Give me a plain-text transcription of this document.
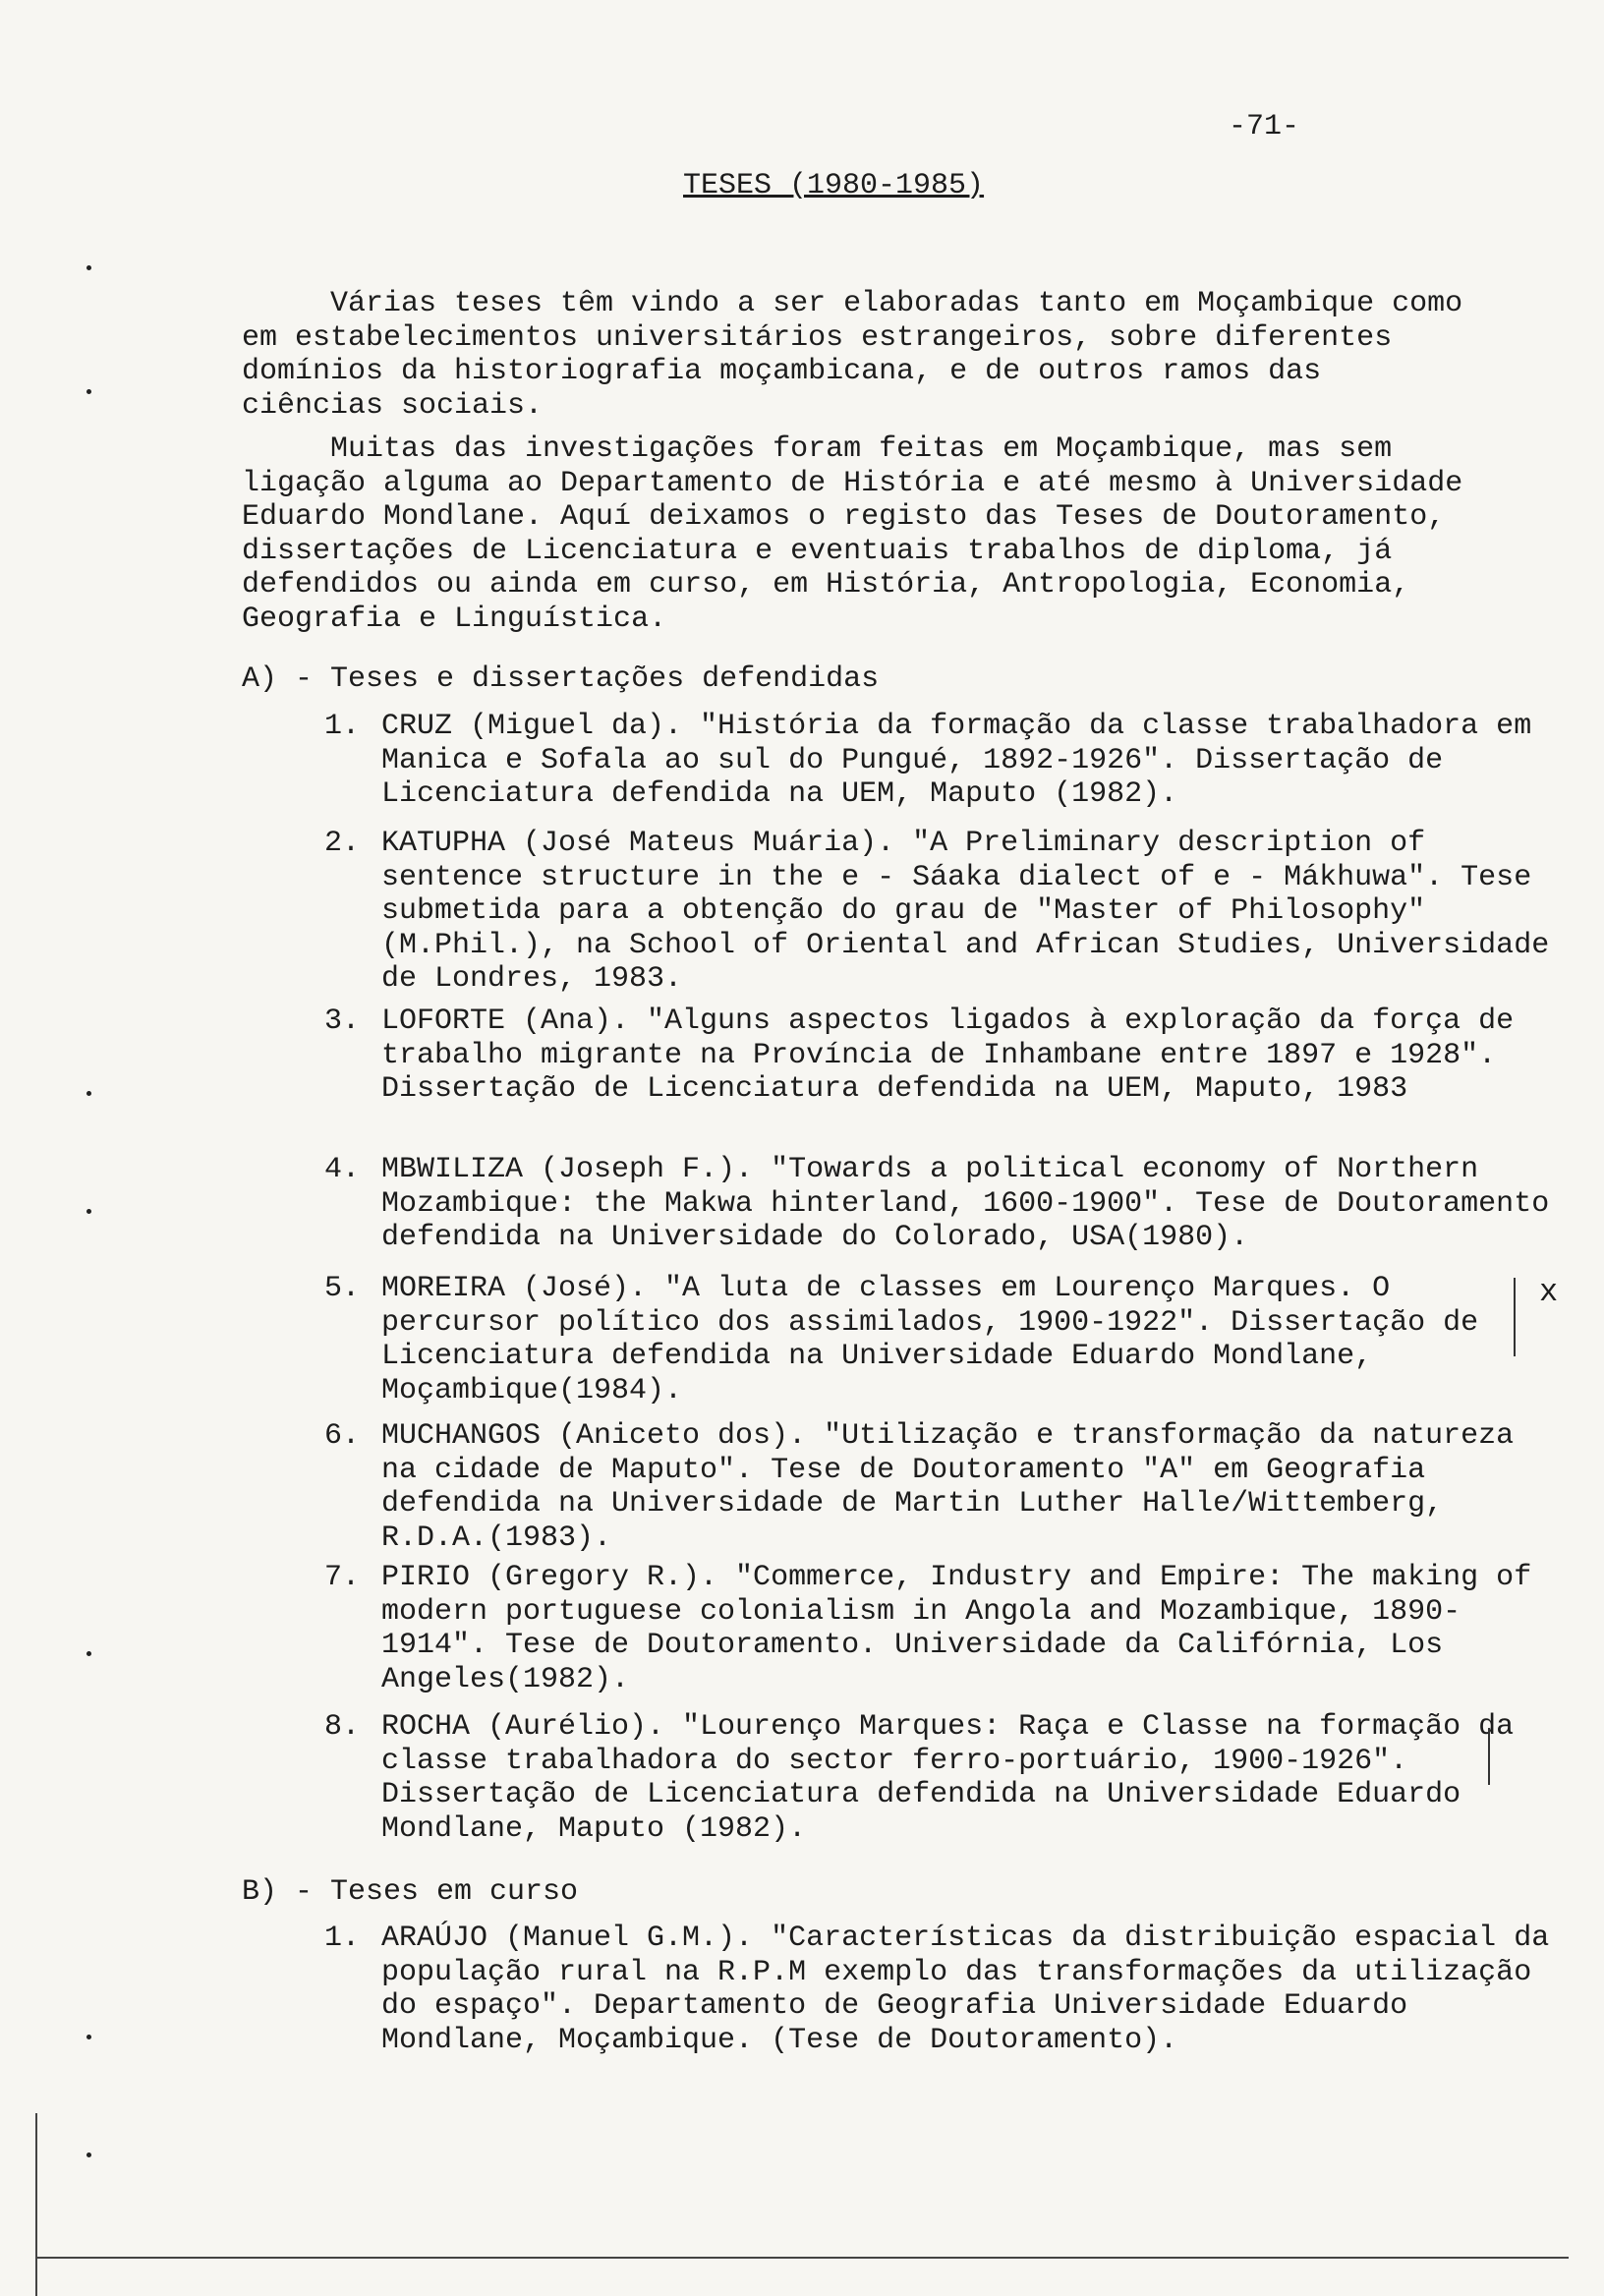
-71-
TESES (1980-1985)
Várias teses têm vindo a ser elaboradas tanto em Moçambique como em estabelecimentos universitários estrangeiros, sobre diferentes domínios da historiografia moçambicana, e de outros ramos das ciências sociais.
Muitas das investigações foram feitas em Moçambique, mas sem ligação alguma ao Departamento de História e até mesmo à Universidade Eduardo Mondlane. Aquí deixamos o registo das Teses de Doutoramento, dissertações de Licenciatura e eventuais trabalhos de diploma, já defendidos ou ainda em curso, em História, Antropologia, Economia, Geografia e Linguística.
A) - Teses e dissertações defendidas
1. CRUZ (Miguel da). "História da formação da classe trabalhadora em Manica e Sofala ao sul do Pungué, 1892-1926". Dissertação de Licenciatura defendida na UEM, Maputo (1982).
2. KATUPHA (José Mateus Muária). "A Preliminary description of sentence structure in the e - Sáaka dialect of e - Mákhuwa". Tese submetida para a obtenção do grau de "Master of Philosophy" (M.Phil.), na School of Oriental and African Studies, Universidade de Londres, 1983.
3. LOFORTE (Ana). "Alguns aspectos ligados à exploração da força de trabalho migrante na Província de Inhambane entre 1897 e 1928". Dissertação de Licenciatura defendida na UEM, Maputo, 1983
4. MBWILIZA (Joseph F.). "Towards a political economy of Northern Mozambique: the Makwa hinterland, 1600-1900". Tese de Doutoramento defendida na Universidade do Colorado, USA(1980).
5. MOREIRA (José). "A luta de classes em Lourenço Marques. O percursor político dos assimilados, 1900-1922". Dissertação de Licenciatura defendida na Universidade Eduardo Mondlane, Moçambique(1984).
6. MUCHANGOS (Aniceto dos). "Utilização e transformação da natureza na cidade de Maputo". Tese de Doutoramento "A" em Geografia defendida na Universidade de Martin Luther Halle/Wittemberg, R.D.A.(1983).
7. PIRIO (Gregory R.). "Commerce, Industry and Empire: The making of modern portuguese colonialism in Angola and Mozambique, 1890-1914". Tese de Doutoramento. Universidade da Califórnia, Los Angeles(1982).
8. ROCHA (Aurélio). "Lourenço Marques: Raça e Classe na formação da classe trabalhadora do sector ferro-portuário, 1900-1926". Dissertação de Licenciatura defendida na Universidade Eduardo Mondlane, Maputo (1982).
B) - Teses em curso
1. ARAÚJO (Manuel G.M.). "Características da distribuição espacial da população rural na R.P.M exemplo das transformações da utilização do espaço". Departamento de Geografia Universidade Eduardo Mondlane, Moçambique. (Tese de Doutoramento).
x
